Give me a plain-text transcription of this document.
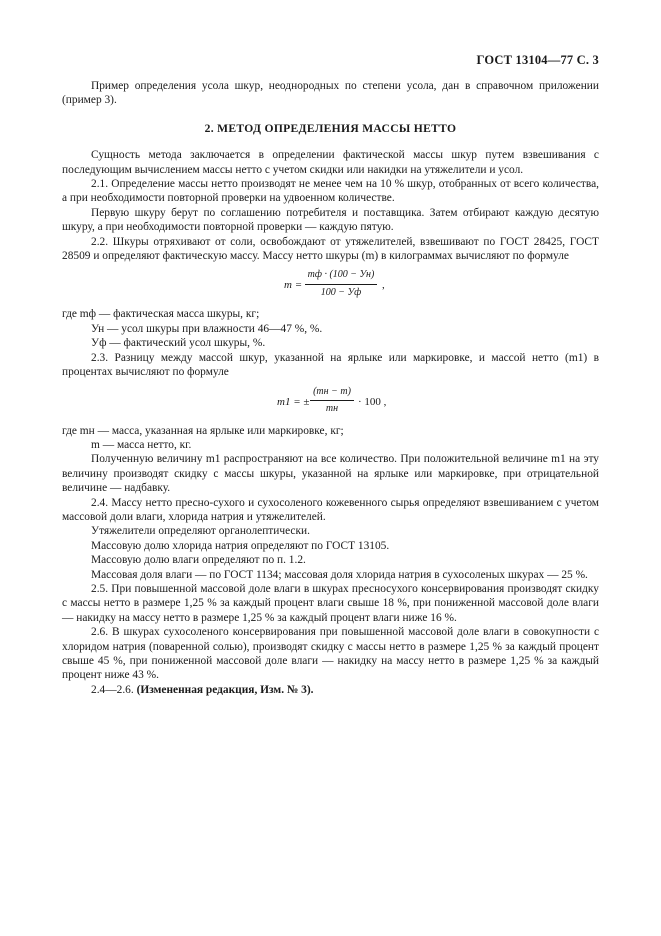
ГОСТ 13104—77 С. 3

Пример определения усола шкур, неоднородных по степени усола, дан в справочном приложении (пример 3).

2. МЕТОД ОПРЕДЕЛЕНИЯ МАССЫ НЕТТО

Сущность метода заключается в определении фактической массы шкур путем взвешивания с последующим вычислением массы нетто с учетом скидки или накидки на утяжелители и усол.

2.1. Определение массы нетто производят не менее чем на 10 % шкур, отобранных от всего количества, а при необходимости повторной проверки на удвоенном количестве.

Первую шкуру берут по соглашению потребителя и поставщика. Затем отбирают каждую десятую шкуру, а при необходимости повторной проверки — каждую пятую.

2.2. Шкуры отряхивают от соли, освобождают от утяжелителей, взвешивают по ГОСТ 28425, ГОСТ 28509 и определяют фактическую массу. Массу нетто шкуры (m) в килограммах вычисляют по формуле

m =
mф · (100 − Ун)
100 − Уф
,

где mф — фактическая масса шкуры, кг;

Ун — усол шкуры при влажности 46—47 %, %.

Уф — фактический усол шкуры, %.

2.3. Разницу между массой шкур, указанной на ярлыке или маркировке, и массой нетто (m1) в процентах вычисляют по формуле

m1 = ±
(mн − m)
mн
· 100 ,

где mн — масса, указанная на ярлыке или маркировке, кг;

m — масса нетто, кг.

Полученную величину m1 распространяют на все количество. При положительной величине m1 на эту величину производят скидку с массы шкуры, указанной на ярлыке или маркировке, при отрицательной величине — надбавку.

2.4. Массу нетто пресно-сухого и сухосоленого кожевенного сырья определяют взвешиванием с учетом массовой доли влаги, хлорида натрия и утяжелителей.

Утяжелители определяют органолептически.

Массовую долю хлорида натрия определяют по ГОСТ 13105.

Массовую долю влаги определяют по п. 1.2.

Массовая доля влаги — по ГОСТ 1134; массовая доля хлорида натрия в сухосоленых шкурах — 25 %.

2.5. При повышенной массовой доле влаги в шкурах пресносухого консервирования производят скидку с массы нетто в размере 1,25 % за каждый процент влаги свыше 18 %, при пониженной массовой доле влаги — накидку на массу нетто в размере 1,25 % за каждый процент влаги ниже 16 %.

2.6. В шкурах сухосоленого консервирования при повышенной массовой доле влаги в совокупности с хлоридом натрия (поваренной солью), производят скидку с массы нетто в размере 1,25 % за каждый процент свыше 45 %, при пониженной массовой доле влаги — накидку на массу нетто в размере 1,25 % за каждый процент ниже 43 %.

2.4—2.6. (Измененная редакция, Изм. № 3).
